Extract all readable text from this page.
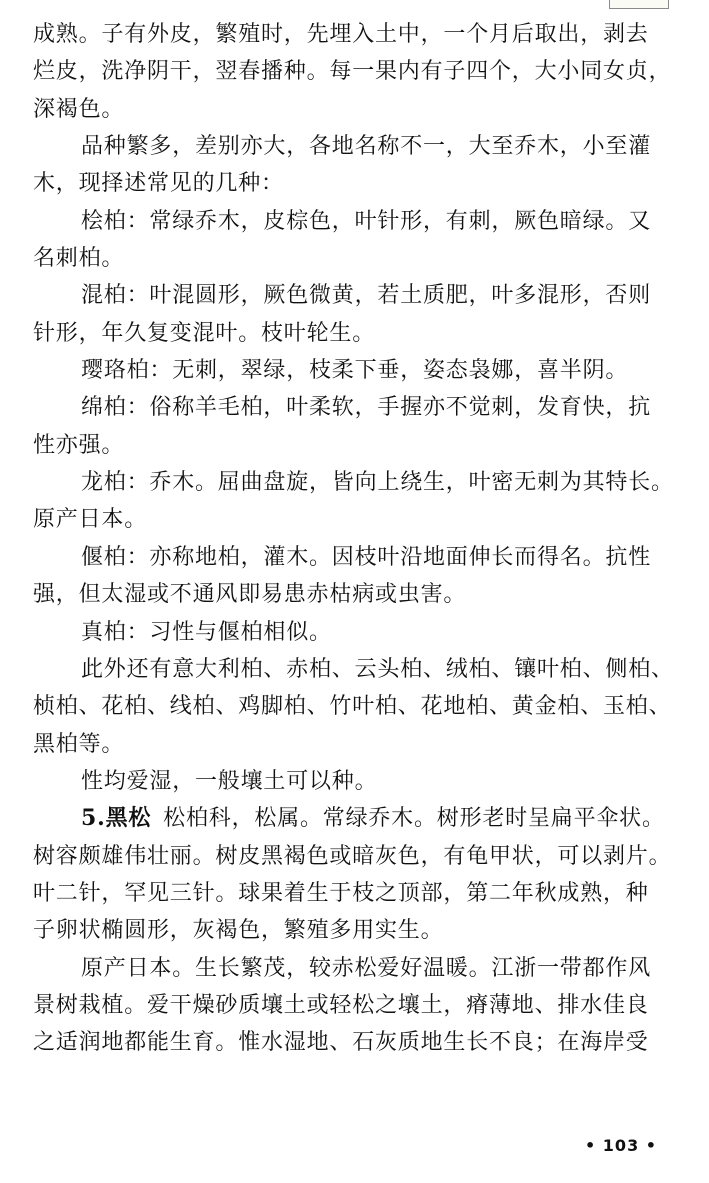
成熟。子有外皮，繁殖时，先埋入土中，一个月后取出，剥去
烂皮，洗净阴干，翌春播种。每一果内有子四个，大小同女贞，
深褐色。
品种繁多，差别亦大，各地名称不一，大至乔木，小至灌
木，现择述常见的几种：
桧柏：常绿乔木，皮棕色，叶针形，有刺，厥色暗绿。又
名刺柏。
混柏：叶混圆形，厥色微黄，若土质肥，叶多混形，否则
针形，年久复变混叶。枝叶轮生。
璎珞柏：无刺，翠绿，枝柔下垂，姿态袅娜，喜半阴。
绵柏：俗称羊毛柏，叶柔软，手握亦不觉刺，发育快，抗
性亦强。
龙柏：乔木。屈曲盘旋，皆向上绕生，叶密无刺为其特长。
原产日本。
偃柏：亦称地柏，灌木。因枝叶沿地面伸长而得名。抗性
强，但太湿或不通风即易患赤枯病或虫害。
真柏：习性与偃柏相似。
此外还有意大利柏、赤柏、云头柏、绒柏、镶叶柏、侧柏、
桢柏、花柏、线柏、鸡脚柏、竹叶柏、花地柏、黄金柏、玉柏、
黑柏等。
性均爱湿，一般壤土可以种。
5.黑松 松柏科，松属。常绿乔木。树形老时呈扁平伞状。
树容颇雄伟壮丽。树皮黑褐色或暗灰色，有龟甲状，可以剥片。
叶二针，罕见三针。球果着生于枝之顶部，第二年秋成熟，种
子卵状椭圆形，灰褐色，繁殖多用实生。
原产日本。生长繁茂，较赤松爱好温暖。江浙一带都作风
景树栽植。爱干燥砂质壤土或轻松之壤土，瘠薄地、排水佳良
之适润地都能生育。惟水湿地、石灰质地生长不良；在海岸受
• 103 •
